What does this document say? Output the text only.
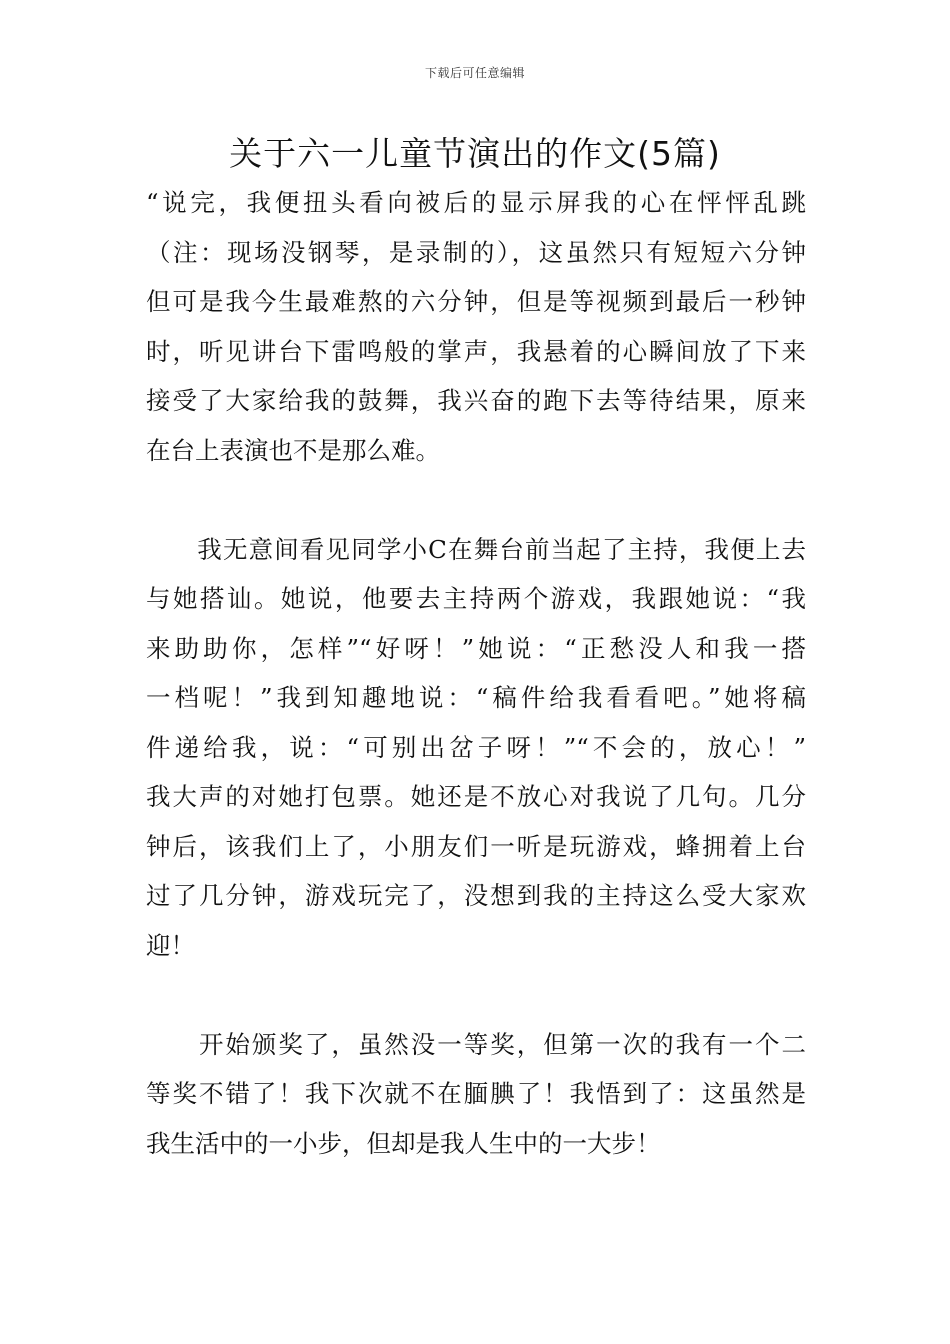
下载后可任意编辑
关于六一儿童节演出的作文(5篇)
“说完，我便扭头看向被后的显示屏我的心在怦怦乱跳
（注：现场没钢琴，是录制的），这虽然只有短短六分钟
但可是我今生最难熬的六分钟，但是等视频到最后一秒钟
时，听见讲台下雷鸣般的掌声，我悬着的心瞬间放了下来
接受了大家给我的鼓舞，我兴奋的跑下去等待结果，原来
在台上表演也不是那么难。
　　我无意间看见同学小C在舞台前当起了主持，我便上去
与她搭讪。她说，他要去主持两个游戏，我跟她说：“我
来助助你，怎样”“好呀！”她说：“正愁没人和我一搭
一档呢！”我到知趣地说：“稿件给我看看吧。”她将稿
件递给我，说：“可别出岔子呀！”“不会的，放心！”
我大声的对她打包票。她还是不放心对我说了几句。几分
钟后，该我们上了，小朋友们一听是玩游戏，蜂拥着上台
过了几分钟，游戏玩完了，没想到我的主持这么受大家欢
迎！
　　开始颁奖了，虽然没一等奖，但第一次的我有一个二
等奖不错了！我下次就不在腼腆了！我悟到了：这虽然是
我生活中的一小步，但却是我人生中的一大步！
